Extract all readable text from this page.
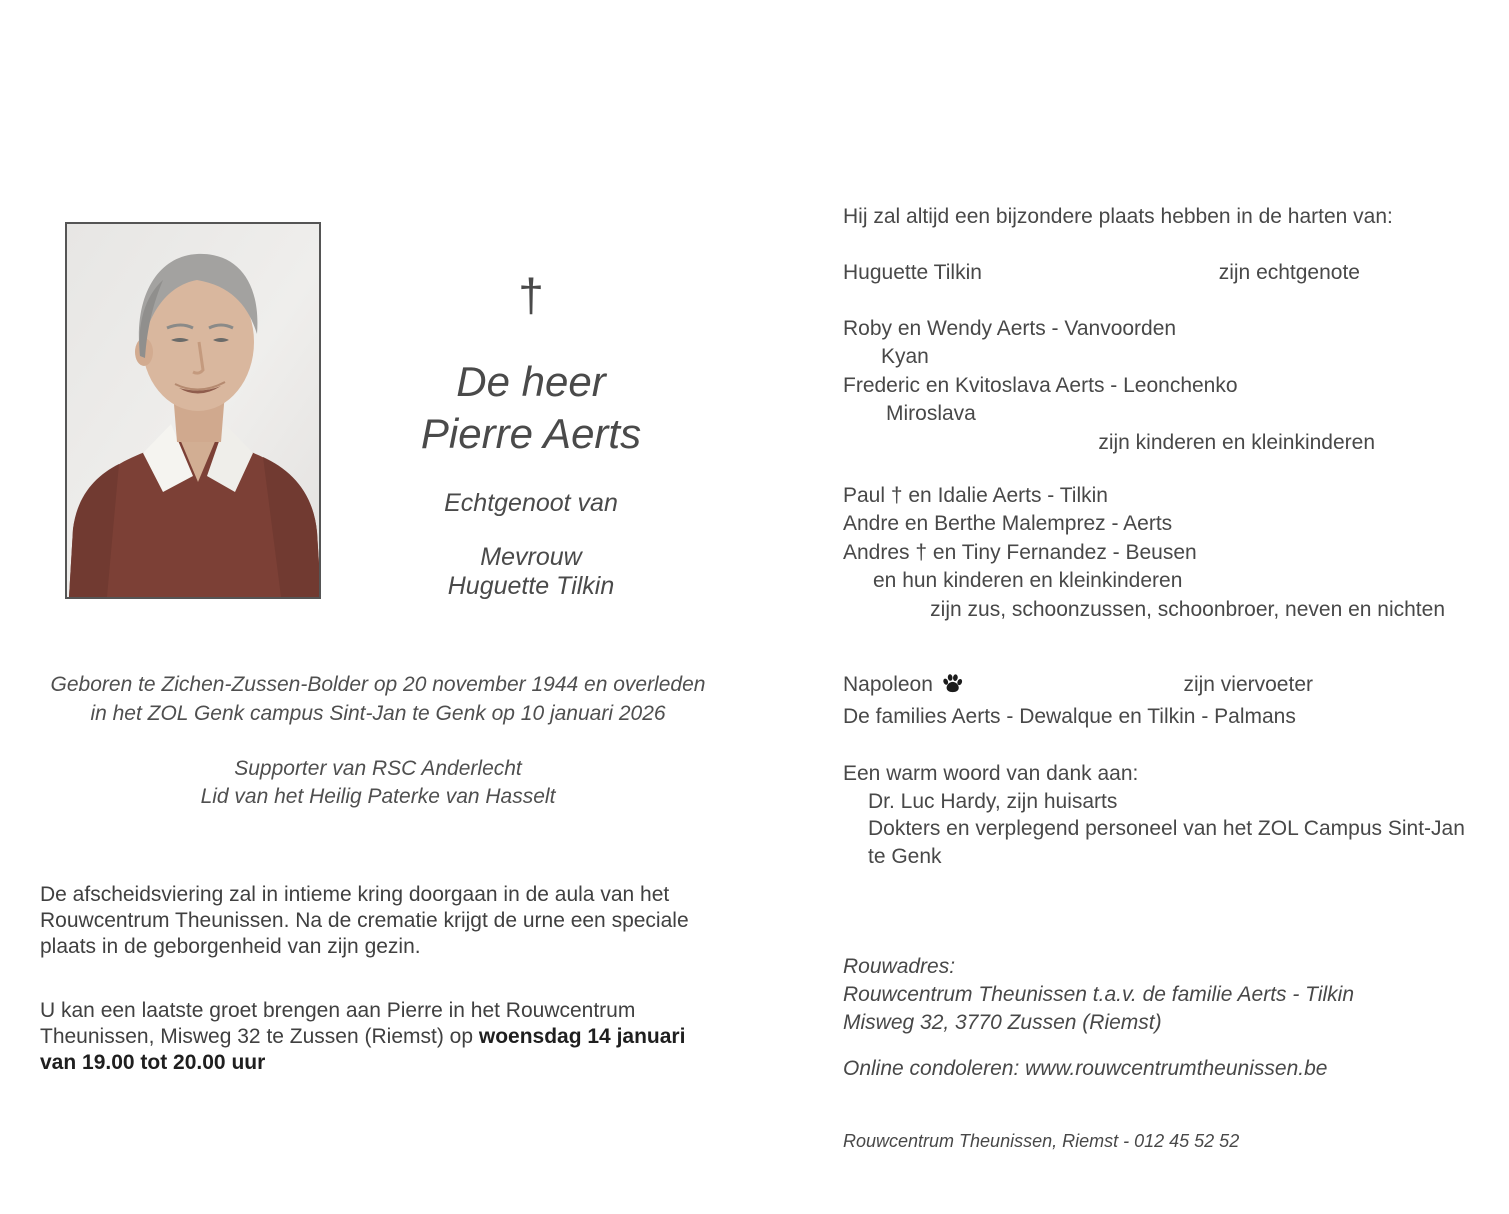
†
De heer
Pierre Aerts
Echtgenoot van
Mevrouw
Huguette Tilkin
Geboren te Zichen-Zussen-Bolder op 20 november 1944 en overleden
in het ZOL Genk campus Sint-Jan te Genk op 10 januari 2026
Supporter van RSC Anderlecht
Lid van het Heilig Paterke van Hasselt
De afscheidsviering zal in intieme kring doorgaan in de aula van het Rouwcentrum Theunissen. Na de crematie krijgt de urne een speciale plaats in de geborgenheid van zijn gezin.
U kan een laatste groet brengen aan Pierre in het Rouwcentrum Theunissen, Misweg 32 te Zussen (Riemst) op woensdag 14 januari van 19.00 tot 20.00 uur
Hij zal altijd een bijzondere plaats hebben in de harten van:
Huguette Tilkin	zijn echtgenote
Roby en Wendy Aerts - Vanvoorden
Kyan
Frederic en Kvitoslava Aerts - Leonchenko
Miroslava
zijn kinderen en kleinkinderen
Paul † en Idalie Aerts - Tilkin
Andre en Berthe Malemprez - Aerts
Andres † en Tiny Fernandez - Beusen
en hun kinderen en kleinkinderen
zijn zus, schoonzussen, schoonbroer, neven en nichten
Napoleon	zijn viervoeter
De families Aerts - Dewalque en Tilkin - Palmans
Een warm woord van dank aan:
Dr. Luc Hardy, zijn huisarts
Dokters en verplegend personeel van het ZOL Campus Sint-Jan
te Genk
Rouwadres:
Rouwcentrum Theunissen t.a.v. de familie Aerts - Tilkin
Misweg 32, 3770 Zussen (Riemst)
Online condoleren: www.rouwcentrumtheunissen.be
Rouwcentrum Theunissen, Riemst - 012 45 52 52
